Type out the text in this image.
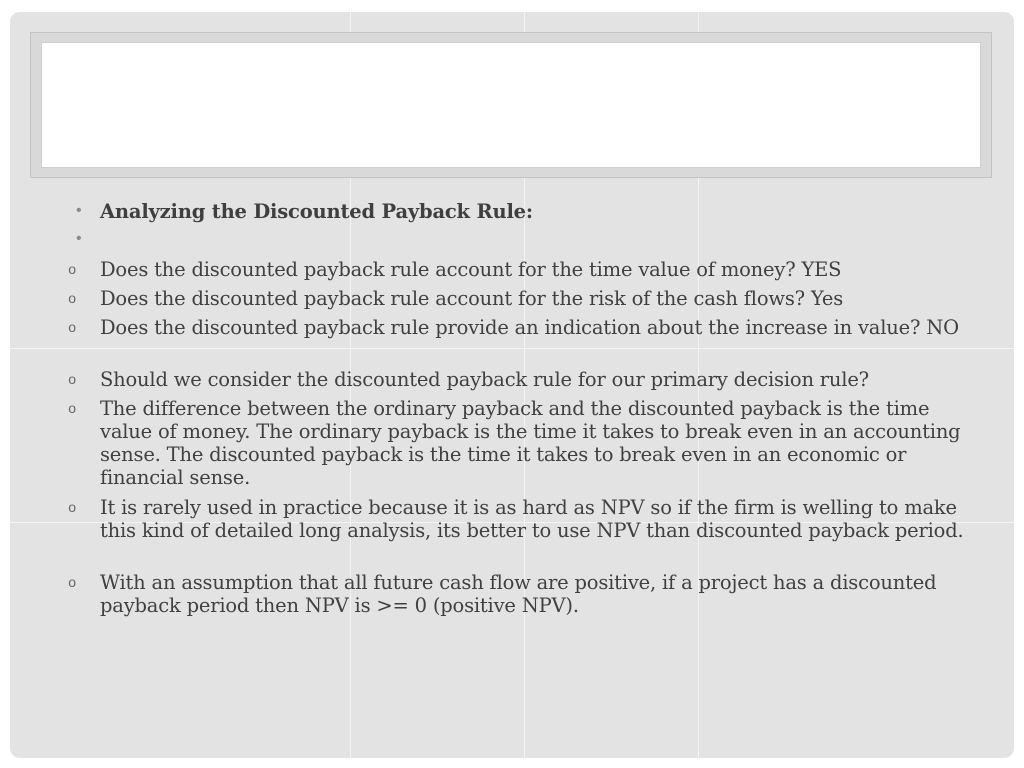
• Analyzing the Discounted Payback Rule:
•
o Does the discounted payback rule account for the time value of money? YES
o Does the discounted payback rule account for the risk of the cash flows? Yes
o Does the discounted payback rule provide an indication about the increase in value? NO
o Should we consider the discounted payback rule for our primary decision rule?
o The difference between the ordinary payback and the discounted payback is the time value of money. The ordinary payback is the time it takes to break even in an accounting sense. The discounted payback is the time it takes to break even in an economic or financial sense.
o It is rarely used in practice because it is as hard as NPV so if the firm is welling to make this kind of detailed long analysis, its better to use NPV than discounted payback period.
o With an assumption that all future cash flow are positive, if a project has a discounted payback period then NPV is >= 0 (positive NPV).
